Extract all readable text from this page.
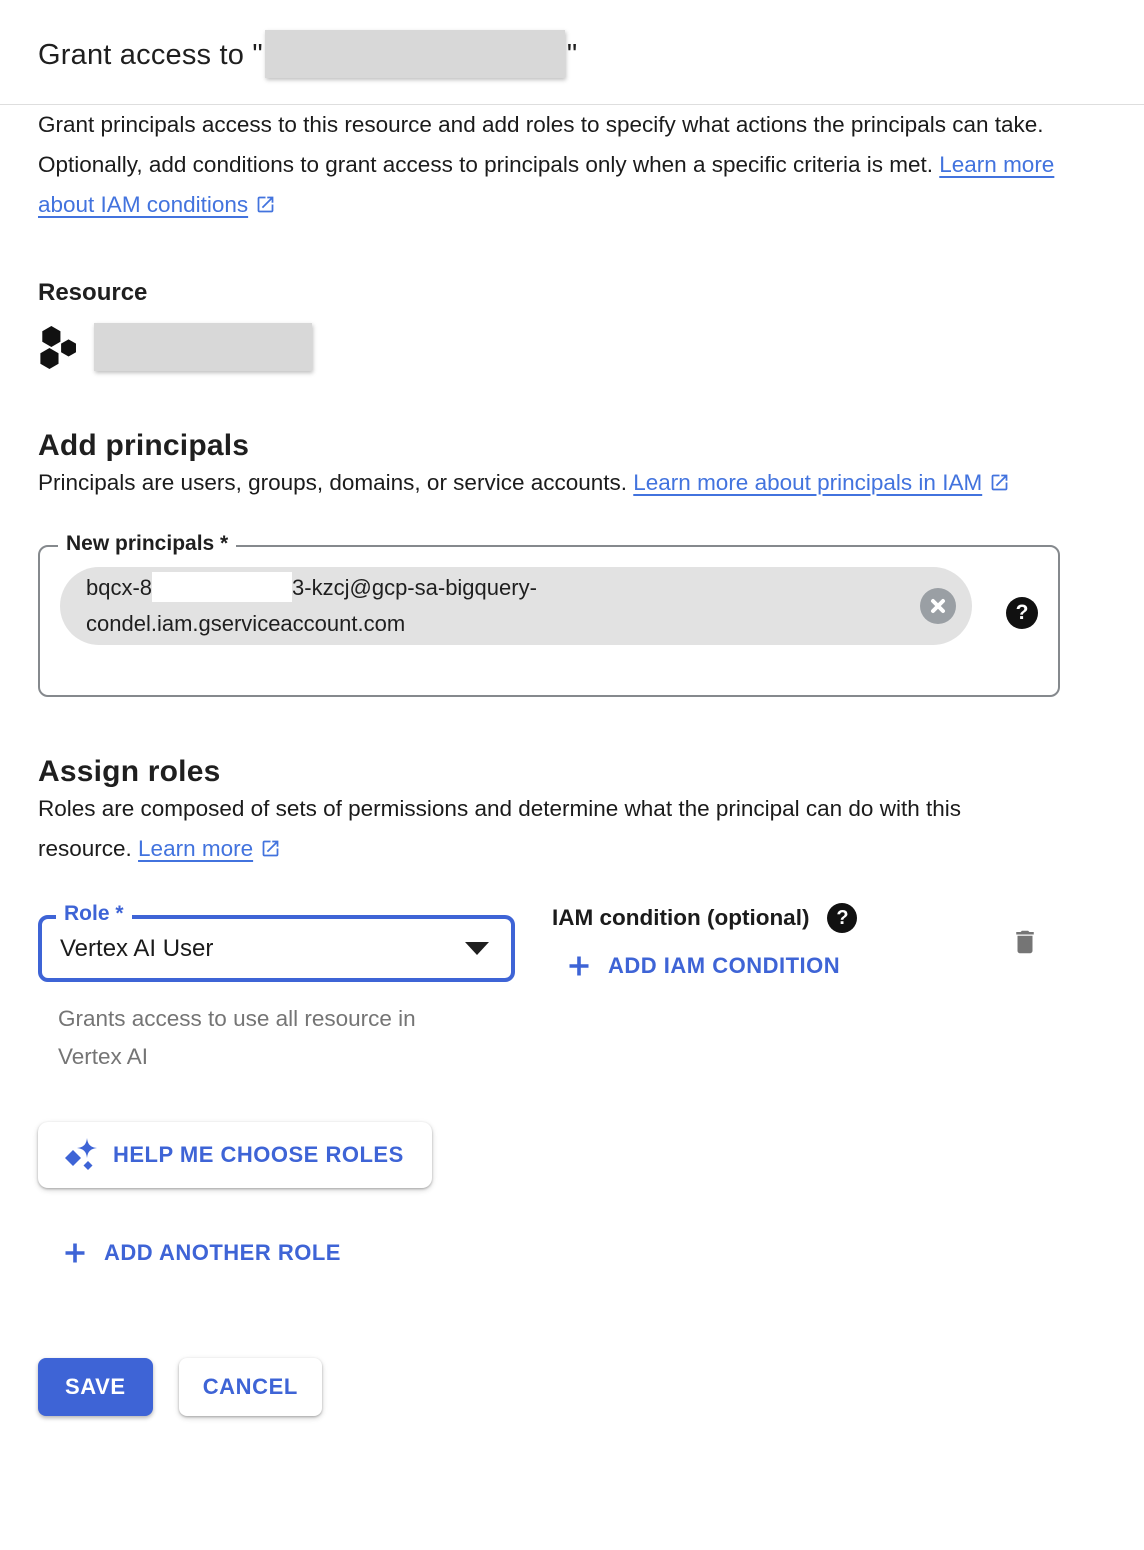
Grant access to "	"

Grant principals access to this resource and add roles to specify what actions the principals can take. Optionally, add conditions to grant access to principals only when a specific criteria is met. Learn more about IAM conditions

Resource
Add principals

Principals are users, groups, domains, or service accounts. Learn more about principals in IAM

New principals *
bqcx-8	3-kzcj@gcp-sa-bigquery-
condel.iam.gserviceaccount.com	?
Assign roles

Roles are composed of sets of permissions and determine what the principal can do with this resource. Learn more

Role *
Vertex AI User
Grants access to use all resource in Vertex AI
IAM condition (optional)	?
ADD IAM CONDITION
HELP ME CHOOSE ROLES
ADD ANOTHER ROLE
SAVE	CANCEL
